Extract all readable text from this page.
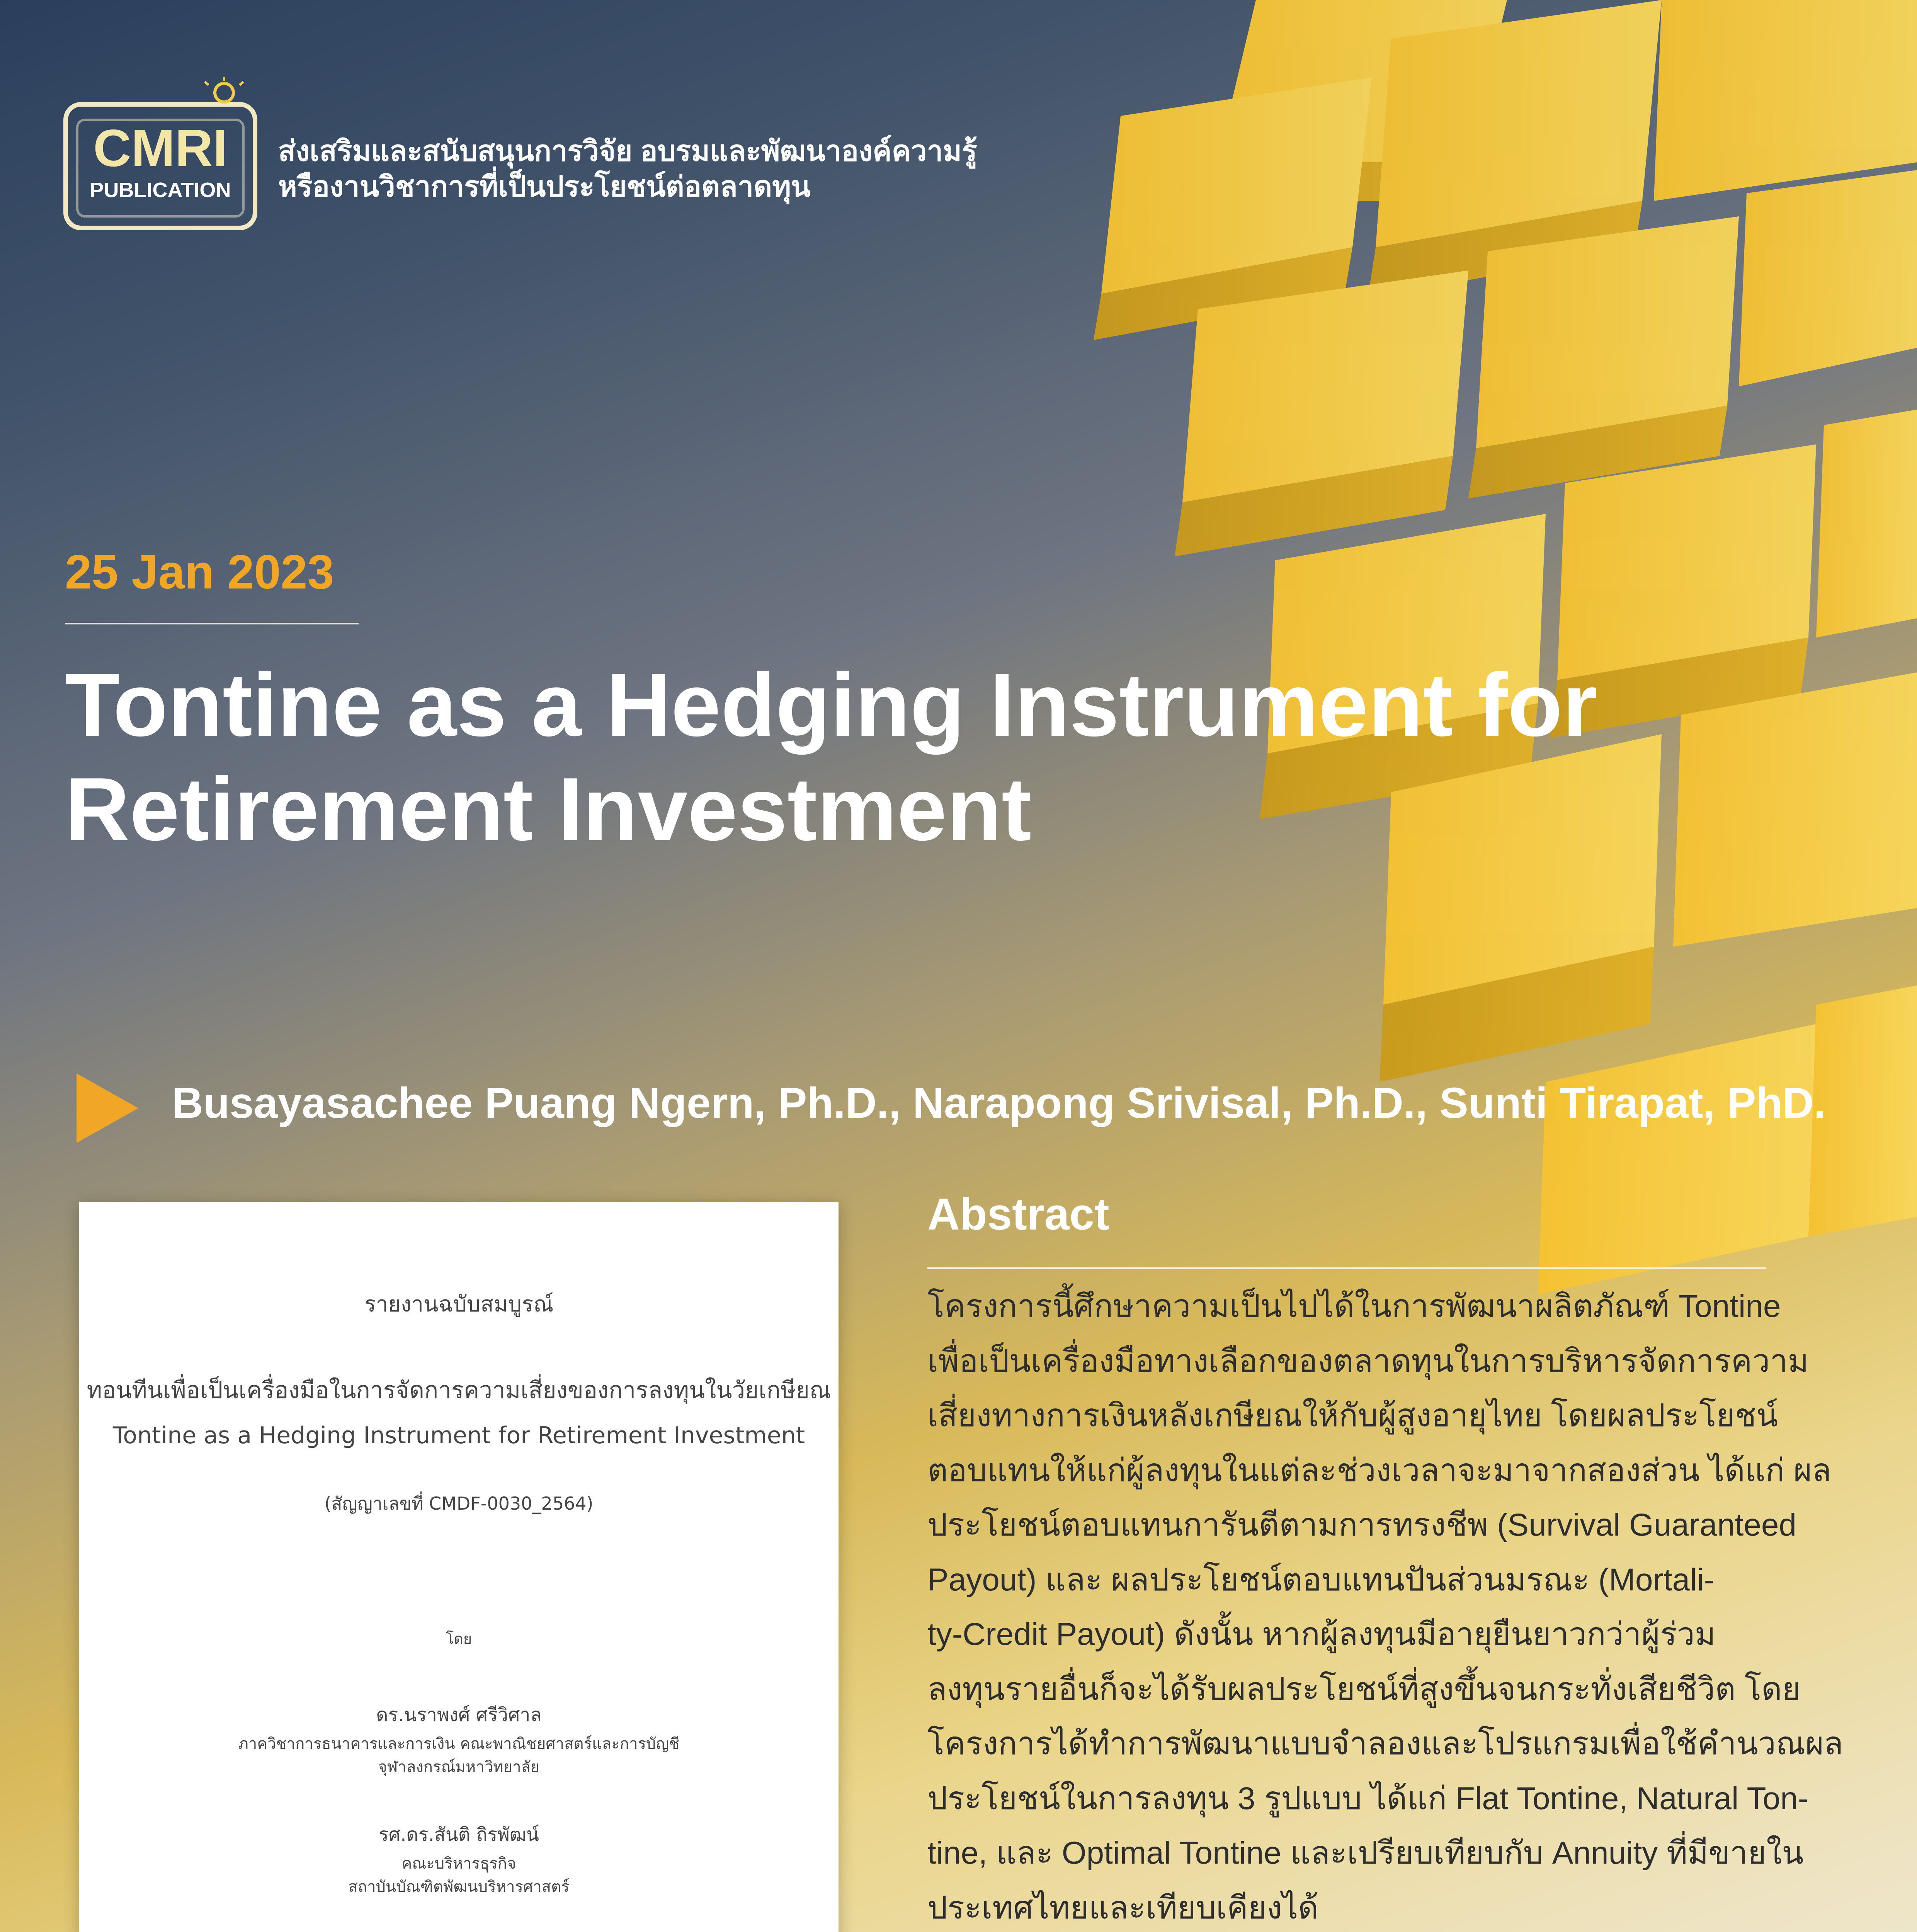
CMRI
PUBLICATION
ส่งเสริมและสนับสนุนการวิจัย อบรมและพัฒนาองค์ความรู้
หรืองานวิชาการที่เป็นประโยชน์ต่อตลาดทุน
25 Jan 2023
Tontine as a Hedging Instrument for
Retirement Investment
Busayasachee Puang Ngern, Ph.D., Narapong Srivisal, Ph.D., Sunti Tirapat, PhD.
รายงานฉบับสมบูรณ์
ทอนทีนเพื่อเป็นเครื่องมือในการจัดการความเสี่ยงของการลงทุนในวัยเกษียณ
Tontine as a Hedging Instrument for Retirement Investment
(สัญญาเลขที่ CMDF-0030_2564)
โดย
ดร.นราพงศ์ ศรีวิศาล
ภาควิชาการธนาคารและการเงิน คณะพาณิชยศาสตร์และการบัญชี
จุฬาลงกรณ์มหาวิทยาลัย
รศ.ดร.สันติ ถิรพัฒน์
คณะบริหารธุรกิจ
สถาบันบัณฑิตพัฒนบริหารศาสตร์
Abstract
โครงการนี้ศึกษาความเป็นไปได้ในการพัฒนาผลิตภัณฑ์ Tontine
เพื่อเป็นเครื่องมือทางเลือกของตลาดทุนในการบริหารจัดการความ
เสี่ยงทางการเงินหลังเกษียณให้กับผู้สูงอายุไทย โดยผลประโยชน์
ตอบแทนให้แก่ผู้ลงทุนในแต่ละช่วงเวลาจะมาจากสองส่วน ได้แก่ ผล
ประโยชน์ตอบแทนการันตีตามการทรงชีพ (Survival Guaranteed
Payout) และ ผลประโยชน์ตอบแทนปันส่วนมรณะ (Mortali-
ty-Credit Payout) ดังนั้น หากผู้ลงทุนมีอายุยืนยาวกว่าผู้ร่วม
ลงทุนรายอื่นก็จะได้รับผลประโยชน์ที่สูงขึ้นจนกระทั่งเสียชีวิต โดย
โครงการได้ทำการพัฒนาแบบจำลองและโปรแกรมเพื่อใช้คำนวณผล
ประโยชน์ในการลงทุน 3 รูปแบบ ได้แก่ Flat Tontine, Natural Ton-
tine, และ Optimal Tontine และเปรียบเทียบกับ Annuity ที่มีขายใน
ประเทศไทยและเทียบเคียงได้
